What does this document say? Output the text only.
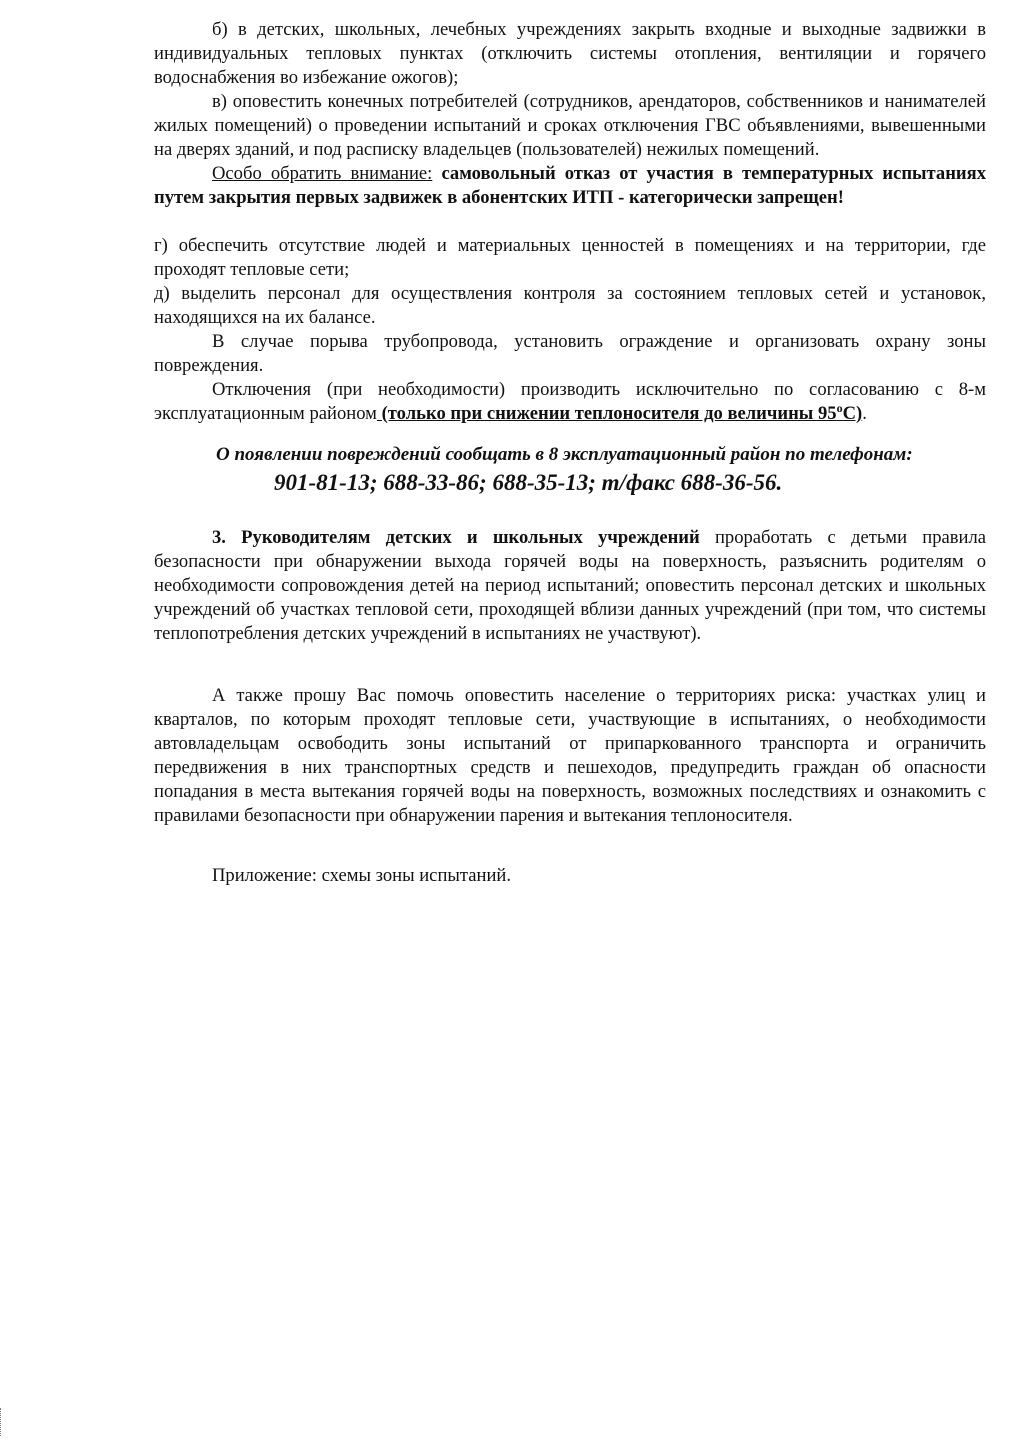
б) в детских, школьных, лечебных учреждениях закрыть входные и выходные задвижки в индивидуальных тепловых пунктах (отключить системы отопления, вентиляции и горячего водоснабжения во избежание ожогов);

в) оповестить конечных потребителей (сотрудников, арендаторов, собственников и нанимателей жилых помещений) о проведении испытаний и сроках отключения ГВС объявлениями, вывешенными на дверях зданий, и под расписку владельцев (пользователей) нежилых помещений.

Особо обратить внимание: самовольный отказ от участия в температурных испытаниях путем закрытия первых задвижек в абонентских ИТП - категорически запрещен!

г) обеспечить отсутствие людей и материальных ценностей в помещениях и на территории, где проходят тепловые сети;

д) выделить персонал для осуществления контроля за состоянием тепловых сетей и установок, находящихся на их балансе.

В случае порыва трубопровода, установить ограждение и организовать охрану зоны повреждения.

Отключения (при необходимости) производить исключительно по согласованию с 8-м эксплуатационным районом (только при снижении теплоносителя до величины 95$^o$С).

О появлении повреждений сообщать в 8 эксплуатационный район по телефонам:

901-81-13; 688-33-86; 688-35-13; т/факс 688-36-56.

3. Руководителям детских и школьных учреждений проработать с детьми правила безопасности при обнаружении выхода горячей воды на поверхность, разъяснить родителям о необходимости сопровождения детей на период испытаний; оповестить персонал детских и школьных учреждений об участках тепловой сети, проходящей вблизи данных учреждений (при том, что системы теплопотребления детских учреждений в испытаниях не участвуют).

А также прошу Вас помочь оповестить население о территориях риска: участках улиц и кварталов, по которым проходят тепловые сети, участвующие в испытаниях, о необходимости автовладельцам освободить зоны испытаний от припаркованного транспорта и ограничить передвижения в них транспортных средств и пешеходов, предупредить граждан об опасности попадания в места вытекания горячей воды на поверхность, возможных последствиях и ознакомить с правилами безопасности при обнаружении парения и вытекания теплоносителя.

Приложение: схемы зоны испытаний.
